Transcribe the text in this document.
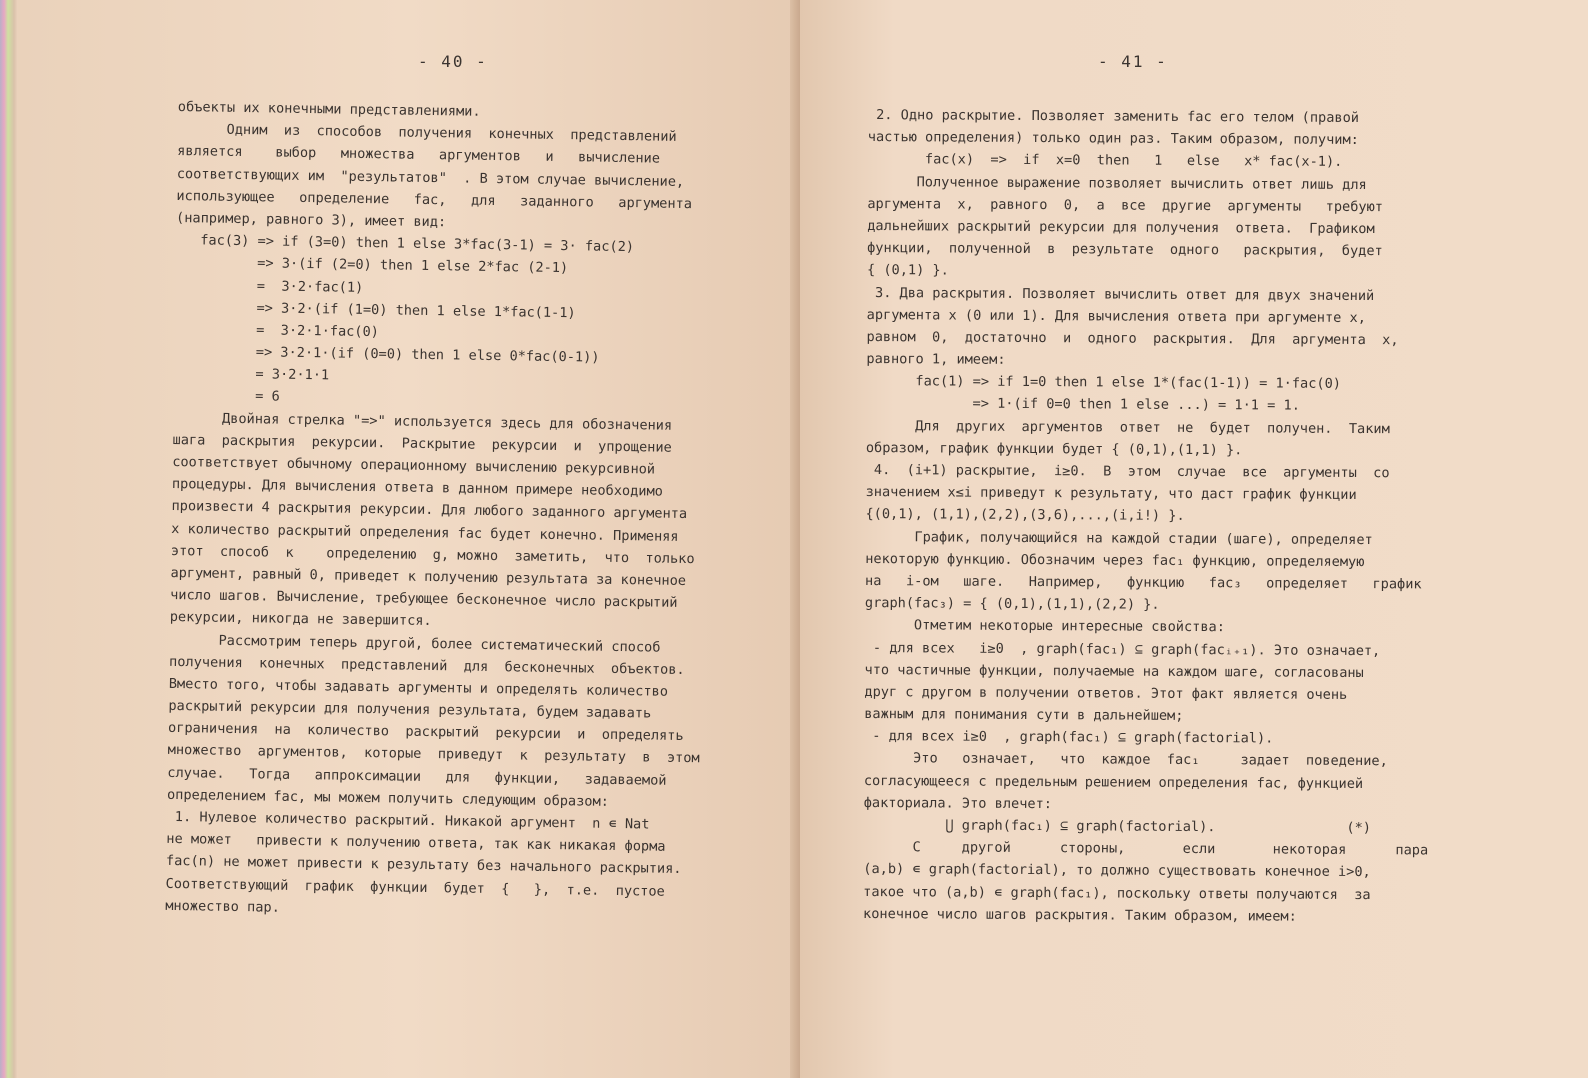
- 40 -
объекты их конечными представлениями.
Одним  из  способов  получения  конечных  представлений
является    выбор   множества   аргументов   и   вычисление
соответствующих им  "результатов"  . В этом случае вычисление,
использующее   определение   fac,   для   заданного   аргумента
(например, равного 3), имеет вид:
fac(3) => if (3=0) then 1 else 3*fac(3-1) = 3· fac(2)
=> 3·(if (2=0) then 1 else 2*fac (2-1)
=  3·2·fac(1)
=> 3·2·(if (1=0) then 1 else 1*fac(1-1)
=  3·2·1·fac(0)
=> 3·2·1·(if (0=0) then 1 else 0*fac(0-1))
= 3·2·1·1
= 6
Двойная стрелка "=>" используется здесь для обозначения
шага  раскрытия  рекурсии.  Раскрытие  рекурсии  и  упрощение
соответствует обычному операционному вычислению рекурсивной
процедуры. Для вычисления ответа в данном примере необходимо
произвести 4 раскрытия рекурсии. Для любого заданного аргумента
x количество раскрытий определения fac будет конечно. Применяя
этот  способ  к    определению  g, можно  заметить,  что  только
аргумент, равный 0, приведет к получению результата за конечное
число шагов. Вычисление, требующее бесконечное число раскрытий
рекурсии, никогда не завершится.
Рассмотрим теперь другой, более систематический способ
получения  конечных  представлений  для  бесконечных  объектов.
Вместо того, чтобы задавать аргументы и определять количество
раскрытий рекурсии для получения результата, будем задавать
ограничения  на  количество  раскрытий  рекурсии  и  определять
множество  аргументов,  которые  приведут  к  результату  в  этом
случае.   Тогда   аппроксимации   для   функции,   задаваемой
определением fac, мы можем получить следующим образом:
1. Нулевое количество раскрытий. Никакой аргумент  n ∊ Nat
не может   привести к получению ответа, так как никакая форма
fac(n) не может привести к результату без начального раскрытия.
Соответствующий  график  функции  будет  {   },  т.е.  пустое
множество пар.
- 41 -
2. Одно раскрытие. Позволяет заменить fac его телом (правой
частью определения) только один раз. Таким образом, получим:
fac(x)  =>  if  x=0  then   1   else   x* fac(x-1).
Полученное выражение позволяет вычислить ответ лишь для
аргумента  x,  равного  0,  а  все  другие  аргументы   требуют
дальнейших раскрытий рекурсии для получения  ответа.  Графиком
функции,  полученной  в  результате  одного   раскрытия,  будет
{ (0,1) }.
3. Два раскрытия. Позволяет вычислить ответ для двух значений
аргумента x (0 или 1). Для вычисления ответа при аргументе x,
равном  0,  достаточно  и  одного  раскрытия.  Для  аргумента  x,
равного 1, имеем:
fac(1) => if 1=0 then 1 else 1*(fac(1-1)) = 1·fac(0)
=> 1·(if 0=0 then 1 else ...) = 1·1 = 1.
Для  других  аргументов  ответ  не  будет  получен.  Таким
образом, график функции будет { (0,1),(1,1) }.
4.  (i+1) раскрытие,  i≥0.  В  этом  случае  все  аргументы  со
значением x≤i приведут к результату, что даст график функции
{(0,1), (1,1),(2,2),(3,6),...,(i,i!) }.
График, получающийся на каждой стадии (шаге), определяет
некоторую функцию. Обозначим через fac₁ функцию, определяемую
на   i-ом   шаге.   Например,   функцию   fac₃   определяет   график
graph(fac₃) = { (0,1),(1,1),(2,2) }.
Отметим некоторые интересные свойства:
- для всех   i≥0  , graph(fac₁) ⊆ graph(facᵢ₊₁). Это означает,
что частичные функции, получаемые на каждом шаге, согласованы
друг с другом в получении ответов. Этот факт является очень
важным для понимания сути в дальнейшем;
- для всех i≥0  , graph(fac₁) ⊆ graph(factorial).
Это   означает,   что  каждое  fac₁     задает  поведение,
согласующееся с предельным решением определения fac, функцией
факториала. Это влечет:
⋃ graph(fac₁) ⊆ graph(factorial).                (*)
С     другой      стороны,       если       некоторая      пара
(a,b) ∊ graph(factorial), то должно существовать конечное i>0,
такое что (a,b) ∊ graph(fac₁), поскольку ответы получаются  за
конечное число шагов раскрытия. Таким образом, имеем:
